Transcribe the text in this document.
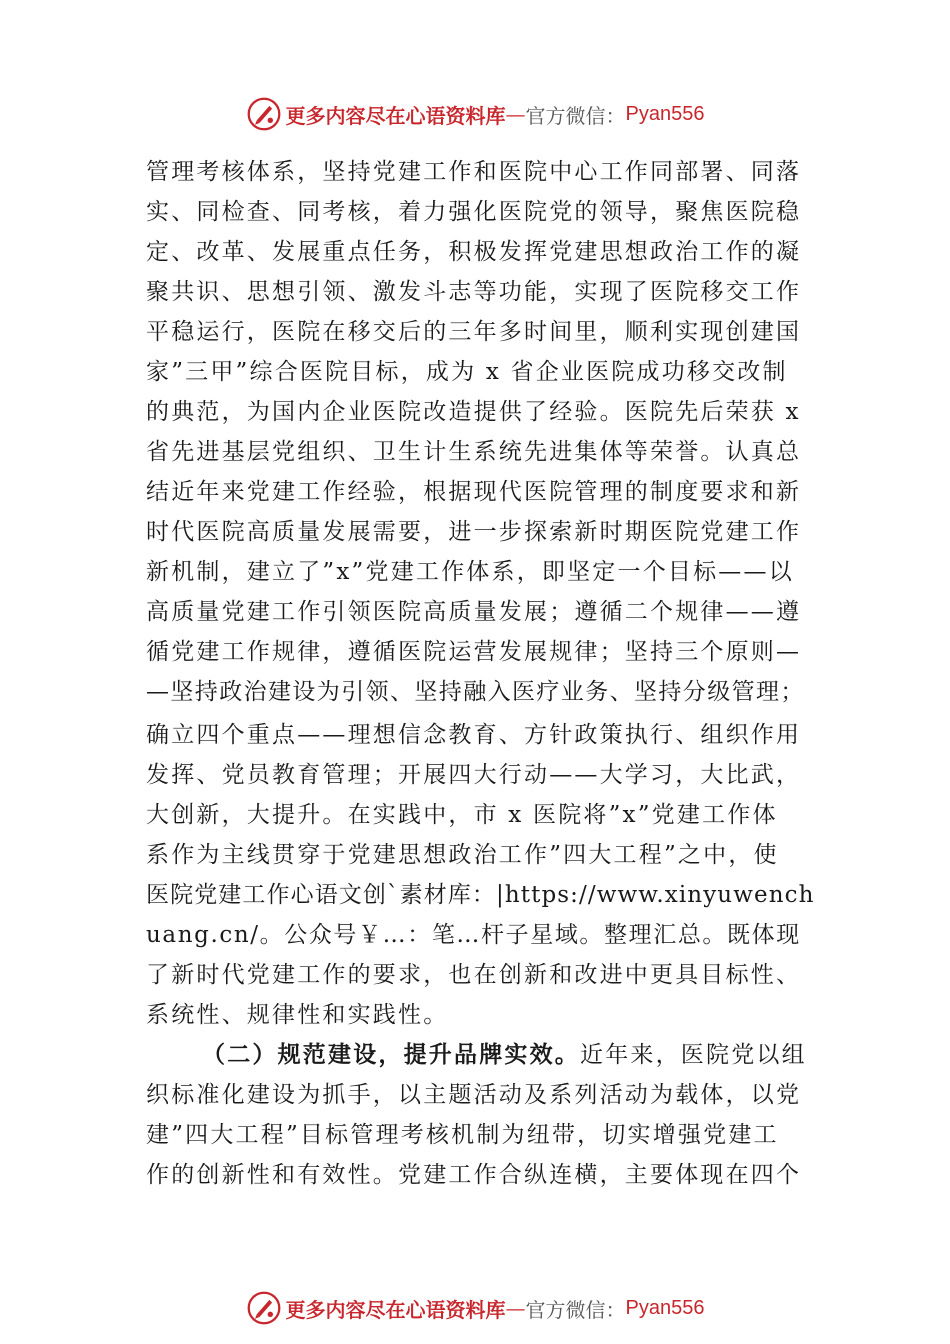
更多内容尽在心语资料库 — 官方微信： Pyan556
管理考核体系，坚持党建工作和医院中心工作同部署、同落
实、同检查、同考核，着力强化医院党的领导，聚焦医院稳
定、改革、发展重点任务，积极发挥党建思想政治工作的凝
聚共识、思想引领、激发斗志等功能，实现了医院移交工作
平稳运行，医院在移交后的三年多时间里，顺利实现创建国
家”三甲”综合医院目标，成为 x 省企业医院成功移交改制
的典范，为国内企业医院改造提供了经验。医院先后荣获 x
省先进基层党组织、卫生计生系统先进集体等荣誉。认真总
结近年来党建工作经验，根据现代医院管理的制度要求和新
时代医院高质量发展需要，进一步探索新时期医院党建工作
新机制，建立了”x”党建工作体系，即坚定一个目标——以
高质量党建工作引领医院高质量发展；遵循二个规律——遵
循党建工作规律，遵循医院运营发展规律；坚持三个原则—
—坚持政治建设为引领、坚持融入医疗业务、坚持分级管理；
确立四个重点——理想信念教育、方针政策执行、组织作用
发挥、党员教育管理；开展四大行动——大学习，大比武，
大创新，大提升。在实践中，市 x 医院将”x”党建工作体
系作为主线贯穿于党建思想政治工作”四大工程”之中，使
医院党建工作心语文创`素材库：|https://www.xinyuwench
uang.cn/。公众号￥…：笔…杆子星域。整理汇总。既体现
了新时代党建工作的要求，也在创新和改进中更具目标性、
系统性、规律性和实践性。
（二）规范建设，提升品牌实效。近年来，医院党以组
织标准化建设为抓手，以主题活动及系列活动为载体，以党
建”四大工程”目标管理考核机制为纽带，切实增强党建工
作的创新性和有效性。党建工作合纵连横，主要体现在四个
更多内容尽在心语资料库 — 官方微信： Pyan556
